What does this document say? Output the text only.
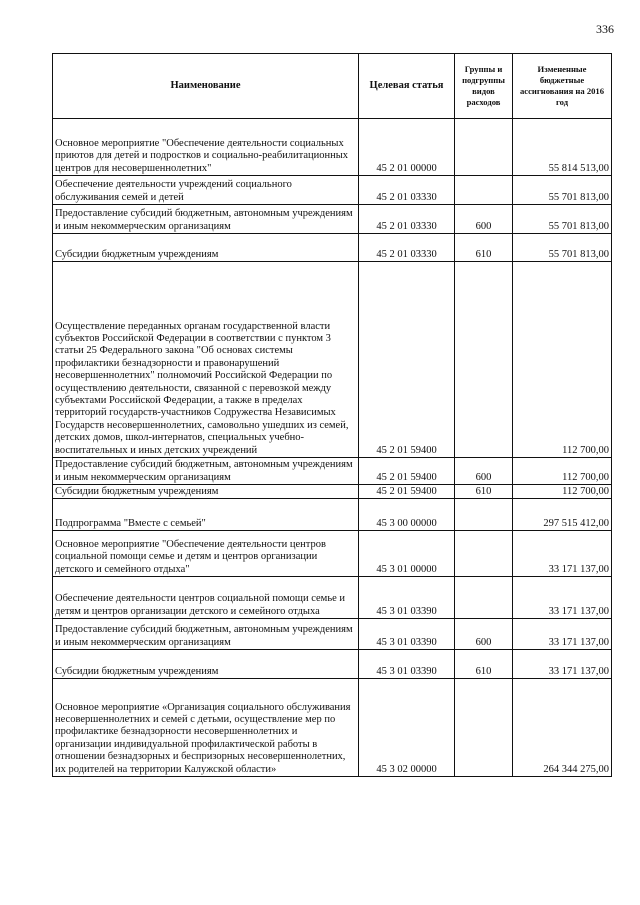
336
Наименование	Целевая статья	Группы и подгруппы видов расходов	Измененные бюджетные ассигнования на 2016 год
Основное мероприятие "Обеспечение деятельности социальных приютов для детей и подростков и социально-реабилитационных центров для несовершеннолетних"	45 2 01 00000		55 814 513,00
Обеспечение деятельности учреждений социального обслуживания семей и детей	45 2 01 03330		55 701 813,00
Предоставление субсидий бюджетным, автономным учреждениям и иным некоммерческим организациям	45 2 01 03330	600	55 701 813,00
Субсидии бюджетным учреждениям	45 2 01 03330	610	55 701 813,00
Осуществление переданных органам государственной власти субъектов Российской Федерации в соответствии с пунктом 3 статьи 25 Федерального закона "Об основах системы профилактики безнадзорности и правонарушений несовершеннолетних" полномочий Российской Федерации по осуществлению деятельности, связанной с перевозкой между субъектами Российской Федерации, а также в пределах территорий государств-участников Содружества Независимых Государств несовершеннолетних, самовольно ушедших из семей, детских домов, школ-интернатов, специальных учебно-воспитательных и иных детских учреждений	45 2 01 59400		112 700,00
Предоставление субсидий бюджетным, автономным учреждениям и иным некоммерческим организациям	45 2 01 59400	600	112 700,00
Субсидии бюджетным учреждениям	45 2 01 59400	610	112 700,00
Подпрограмма "Вместе с семьей"	45 3 00 00000		297 515 412,00
Основное мероприятие "Обеспечение деятельности центров социальной помощи семье и детям и центров организации детского и семейного отдыха"	45 3 01 00000		33 171 137,00
Обеспечение деятельности центров социальной помощи семье и детям и центров организации детского и семейного отдыха	45 3 01 03390		33 171 137,00
Предоставление субсидий бюджетным, автономным учреждениям и иным некоммерческим организациям	45 3 01 03390	600	33 171 137,00
Субсидии бюджетным учреждениям	45 3 01 03390	610	33 171 137,00
Основное мероприятие «Организация социального обслуживания несовершеннолетних и семей с детьми, осуществление мер по профилактике безнадзорности несовершеннолетних и организации индивидуальной профилактической работы в отношении безнадзорных и беспризорных несовершеннолетних, их родителей на территории Калужской области»	45 3 02 00000		264 344 275,00
